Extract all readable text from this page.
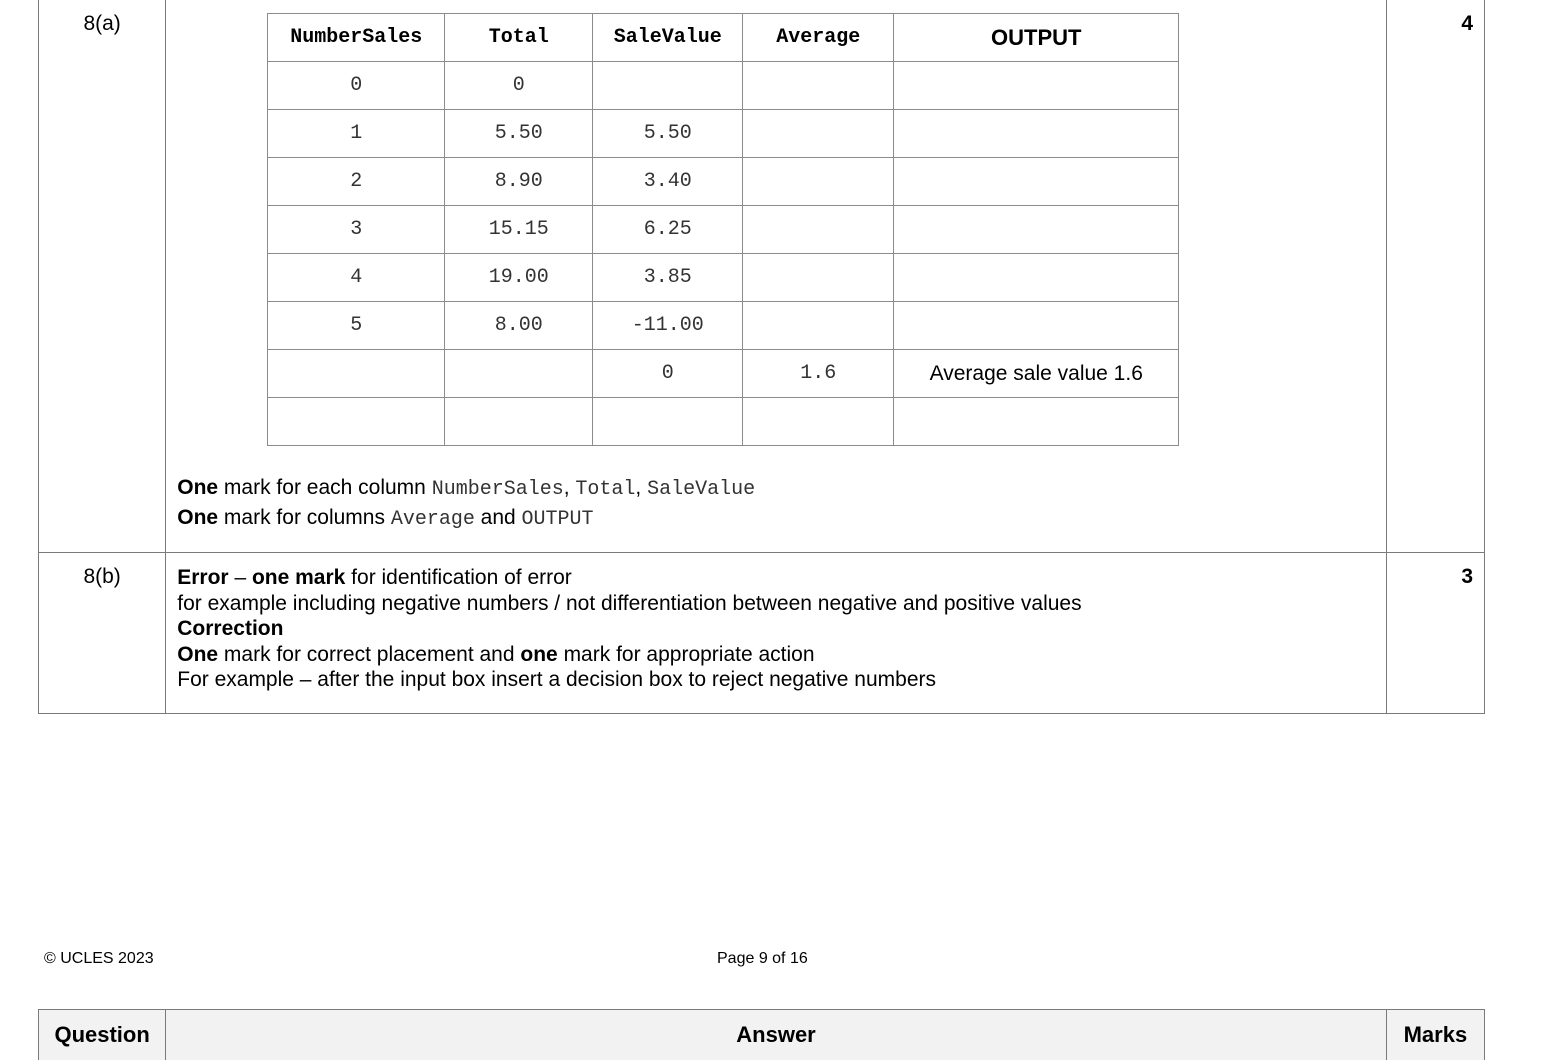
8(a)	
NumberSales	Total	SaleValue	Average	OUTPUT
0	0			
1	5.50	5.50		
2	8.90	3.40		
3	15.15	6.25		
4	19.00	3.85		
5	8.00	-11.00		
		0	1.6	Average sale value 1.6

One mark for each column NumberSales, Total, SaleValue
One mark for columns Average and OUTPUT
	4
8(b)	Error – one mark for identification of error
for example including negative numbers / not differentiation between negative and positive values
Correction
One mark for correct placement and one mark for appropriate action
For example – after the input box insert a decision box to reject negative numbers
	3
© UCLES 2023	Page 9 of 16
Question	Answer	Marks
